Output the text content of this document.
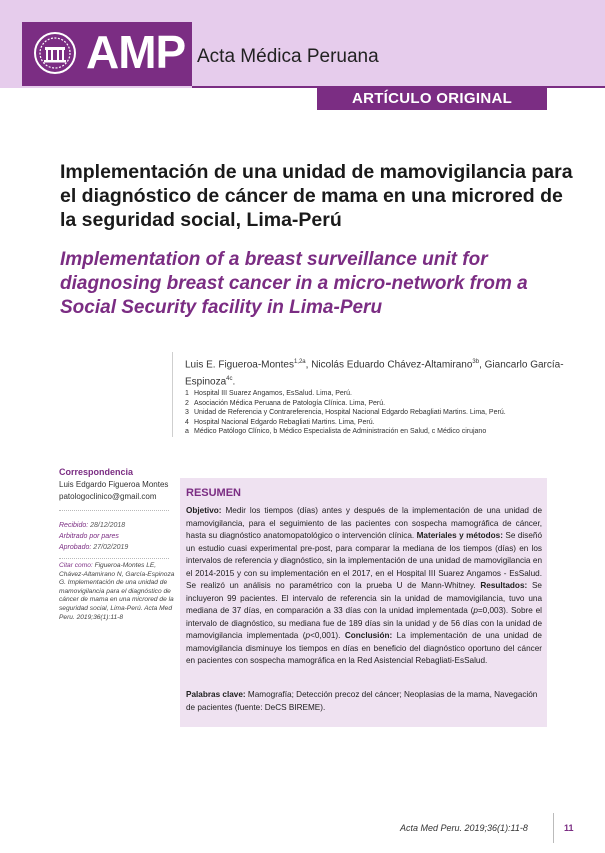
AMP Acta Médica Peruana
ARTÍCULO ORIGINAL
Implementación de una unidad de mamovigilancia para el diagnóstico de cáncer de mama en una microred de la seguridad social, Lima-Perú
Implementation of a breast surveillance unit for diagnosing breast cancer in a micro-network from a Social Security facility in Lima-Peru
Luis E. Figueroa-Montes$^{1,2a}$, Nicolás Eduardo Chávez-Altamirano$^{3b}$, Giancarlo García-Espinoza$^{4c}$.
1 Hospital III Suarez Angamos, EsSalud. Lima, Perú.
2 Asociación Médica Peruana de Patología Clínica. Lima, Perú.
3 Unidad de Referencia y Contrareferencia, Hospital Nacional Edgardo Rebagliati Martins. Lima, Perú.
4 Hospital Nacional Edgardo Rebagliati Martins. Lima, Perú.
a Médico Patólogo Clínico, b Médico Especialista de Administración en Salud, c Médico cirujano
Correspondencia
Luis Edgardo Figueroa Montes
patologoclinico@gmail.com
Recibido: 28/12/2018
Arbitrado por pares
Aprobado: 27/02/2019
Citar como: Figueroa-Montes LE, Chávez-Altamirano N, García-Espinoza G. Implementación de una unidad de mamovigilancia para el diagnóstico de cáncer de mama en una microred de la seguridad social, Lima-Perú. Acta Med Peru. 2019;36(1):11-8
RESUMEN

Objetivo: Medir los tiempos (días) antes y después de la implementación de una unidad de mamovigilancia, para el seguimiento de las pacientes con sospecha mamográfica de cáncer, hasta su diagnóstico anatomopatológico o intervención clínica. Materiales y métodos: Se diseñó un estudio cuasi experimental pre-post, para comparar la mediana de los tiempos (días) en los intervalos de referencia y diagnóstico, sin la implementación de una unidad de mamovigilancia en el 2014-2015 y con su implementación en el 2017, en el Hospital III Suarez Angamos - EsSalud. Se realizó un análisis no paramétrico con la prueba U de Mann-Whitney. Resultados: Se incluyeron 99 pacientes. El intervalo de referencia sin la unidad de mamovigilancia, tuvo una mediana de 37 días, en comparación a 33 días con la unidad implementada (p=0,003). Sobre el intervalo de diagnóstico, su mediana fue de 189 días sin la unidad y de 56 días con la unidad de mamovigilancia implementada (p<0,001). Conclusión: La implementación de una unidad de mamovigilancia disminuye los tiempos en días en beneficio del diagnóstico oportuno del cáncer en pacientes con sospecha mamográfica en la Red Asistencial Rebagliati-EsSalud.

Palabras clave: Mamografía; Detección precoz del cáncer; Neoplasias de la mama, Navegación de pacientes (fuente: DeCS BIREME).

Acta Med Peru. 2019;36(1):11-8	11
